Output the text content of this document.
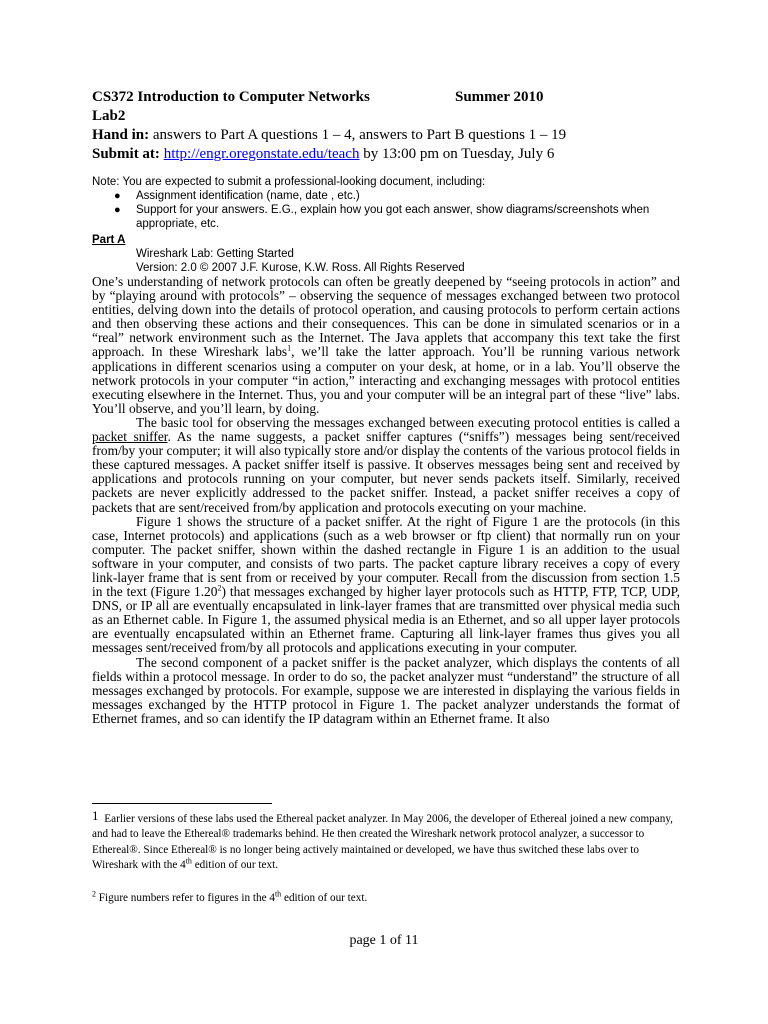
CS372 Introduction to Computer Networks	Summer 2010
Lab2
Hand in: answers to Part A questions 1 – 4, answers to Part B questions 1 – 19
Submit at: http://engr.oregonstate.edu/teach by 13:00 pm on Tuesday, July 6
Note: You are expected to submit a professional-looking document, including:
● Assignment identification (name, date , etc.)
● Support for your answers. E.G., explain how you got each answer, show diagrams/screenshots when appropriate, etc.
Part A
Wireshark Lab: Getting Started
Version: 2.0 © 2007 J.F. Kurose, K.W. Ross. All Rights Reserved

One’s understanding of network protocols can often be greatly deepened by “seeing protocols in action” and by “playing around with protocols” – observing the sequence of messages exchanged between two protocol entities, delving down into the details of protocol operation, and causing protocols to perform certain actions and then observing these actions and their consequences. This can be done in simulated scenarios or in a “real” network environment such as the Internet. The Java applets that accompany this text take the first approach. In these Wireshark labs$^1$, we’ll take the latter approach. You’ll be running various network applications in different scenarios using a computer on your desk, at home, or in a lab. You’ll observe the network protocols in your computer “in action,” interacting and exchanging messages with protocol entities executing elsewhere in the Internet. Thus, you and your computer will be an integral part of these “live” labs. You’ll observe, and you’ll learn, by doing.

The basic tool for observing the messages exchanged between executing protocol entities is called a packet sniffer. As the name suggests, a packet sniffer captures (“sniffs”) messages being sent/received from/by your computer; it will also typically store and/or display the contents of the various protocol fields in these captured messages. A packet sniffer itself is passive. It observes messages being sent and received by applications and protocols running on your computer, but never sends packets itself. Similarly, received packets are never explicitly addressed to the packet sniffer. Instead, a packet sniffer receives a copy of packets that are sent/received from/by application and protocols executing on your machine.

Figure 1 shows the structure of a packet sniffer. At the right of Figure 1 are the protocols (in this case, Internet protocols) and applications (such as a web browser or ftp client) that normally run on your computer. The packet sniffer, shown within the dashed rectangle in Figure 1 is an addition to the usual software in your computer, and consists of two parts. The packet capture library receives a copy of every link-layer frame that is sent from or received by your computer. Recall from the discussion from section 1.5 in the text (Figure 1.20$^2$) that messages exchanged by higher layer protocols such as HTTP, FTP, TCP, UDP, DNS, or IP all are eventually encapsulated in link-layer frames that are transmitted over physical media such as an Ethernet cable. In Figure 1, the assumed physical media is an Ethernet, and so all upper layer protocols are eventually encapsulated within an Ethernet frame. Capturing all link-layer frames thus gives you all messages sent/received from/by all protocols and applications executing in your computer.

The second component of a packet sniffer is the packet analyzer, which displays the contents of all fields within a protocol message. In order to do so, the packet analyzer must “understand” the structure of all messages exchanged by protocols. For example, suppose we are interested in displaying the various fields in messages exchanged by the HTTP protocol in Figure 1. The packet analyzer understands the format of Ethernet frames, and so can identify the IP datagram within an Ethernet frame. It also

1 Earlier versions of these labs used the Ethereal packet analyzer. In May 2006, the developer of Ethereal joined a new company, and had to leave the Ethereal® trademarks behind. He then created the Wireshark network protocol analyzer, a successor to Ethereal®. Since Ethereal® is no longer being actively maintained or developed, we have thus switched these labs over to Wireshark with the 4th edition of our text.
$^2$ Figure numbers refer to figures in the 4th edition of our text.
page 1 of 11
